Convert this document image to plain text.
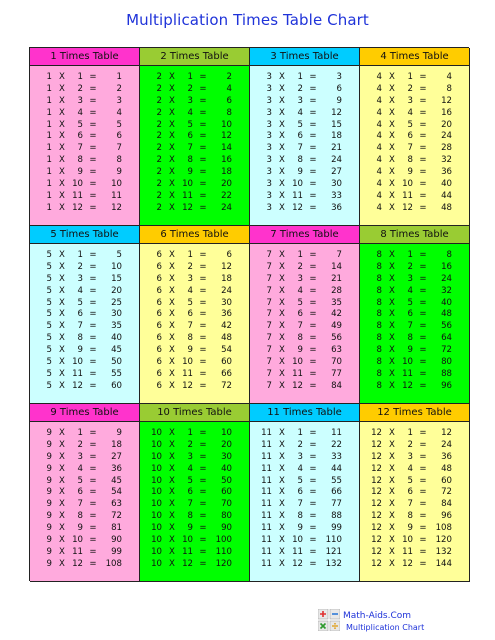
Multiplication Times Table Chart
1 Times Table
1 X	1 =	1
1 X	2 =	2
1 X	3 =	3
1 X	4 =	4
1 X	5 =	5
1 X	6 =	6
1 X	7 =	7
1 X	8 =	8
1 X	9 =	9
1 X 10 =	10
1 X 11 =	11
1 X 12 =	12
2 Times Table
2 X	1 =	2
2 X	2 =	4
2 X	3 =	6
2 X	4 =	8
2 X	5 =	10
2 X	6 =	12
2 X	7 =	14
2 X	8 =	16
2 X	9 =	18
2 X 10 =	20
2 X 11 =	22
2 X 12 =	24
3 Times Table
3 X	1 =	3
3 X	2 =	6
3 X	3 =	9
3 X	4 =	12
3 X	5 =	15
3 X	6 =	18
3 X	7 =	21
3 X	8 =	24
3 X	9 =	27
3 X 10 =	30
3 X 11 =	33
3 X 12 =	36
4 Times Table
4 X	1 =	4
4 X	2 =	8
4 X	3 =	12
4 X	4 =	16
4 X	5 =	20
4 X	6 =	24
4 X	7 =	28
4 X	8 =	32
4 X	9 =	36
4 X 10 =	40
4 X 11 =	44
4 X 12 =	48
5 Times Table
5 X	1 =	5
5 X	2 =	10
5 X	3 =	15
5 X	4 =	20
5 X	5 =	25
5 X	6 =	30
5 X	7 =	35
5 X	8 =	40
5 X	9 =	45
5 X 10 =	50
5 X 11 =	55
5 X 12 =	60
6 Times Table
6 X	1 =	6
6 X	2 =	12
6 X	3 =	18
6 X	4 =	24
6 X	5 =	30
6 X	6 =	36
6 X	7 =	42
6 X	8 =	48
6 X	9 =	54
6 X 10 =	60
6 X 11 =	66
6 X 12 =	72
7 Times Table
7 X	1 =	7
7 X	2 =	14
7 X	3 =	21
7 X	4 =	28
7 X	5 =	35
7 X	6 =	42
7 X	7 =	49
7 X	8 =	56
7 X	9 =	63
7 X 10 =	70
7 X 11 =	77
7 X 12 =	84
8 Times Table
8 X	1 =	8
8 X	2 =	16
8 X	3 =	24
8 X	4 =	32
8 X	5 =	40
8 X	6 =	48
8 X	7 =	56
8 X	8 =	64
8 X	9 =	72
8 X 10 =	80
8 X 11 =	88
8 X 12 =	96
9 Times Table
9 X	1 =	9
9 X	2 =	18
9 X	3 =	27
9 X	4 =	36
9 X	5 =	45
9 X	6 =	54
9 X	7 =	63
9 X	8 =	72
9 X	9 =	81
9 X 10 =	90
9 X 11 =	99
9 X 12 =	108
10 Times Table
10 X	1 =	10
10 X	2 =	20
10 X	3 =	30
10 X	4 =	40
10 X	5 =	50
10 X	6 =	60
10 X	7 =	70
10 X	8 =	80
10 X	9 =	90
10 X 10 =	100
10 X 11 =	110
10 X 12 =	120
11 Times Table
11 X	1 =	11
11 X	2 =	22
11 X	3 =	33
11 X	4 =	44
11 X	5 =	55
11 X	6 =	66
11 X	7 =	77
11 X	8 =	88
11 X	9 =	99
11 X 10 =	110
11 X 11 =	121
11 X 12 =	132
12 Times Table
12 X	1 =	12
12 X	2 =	24
12 X	3 =	36
12 X	4 =	48
12 X	5 =	60
12 X	6 =	72
12 X	7 =	84
12 X	8 =	96
12 X	9 =	108
12 X 10 =	120
12 X 11 =	132
12 X 12 =	144
Math-Aids.Com
Multiplication Chart
